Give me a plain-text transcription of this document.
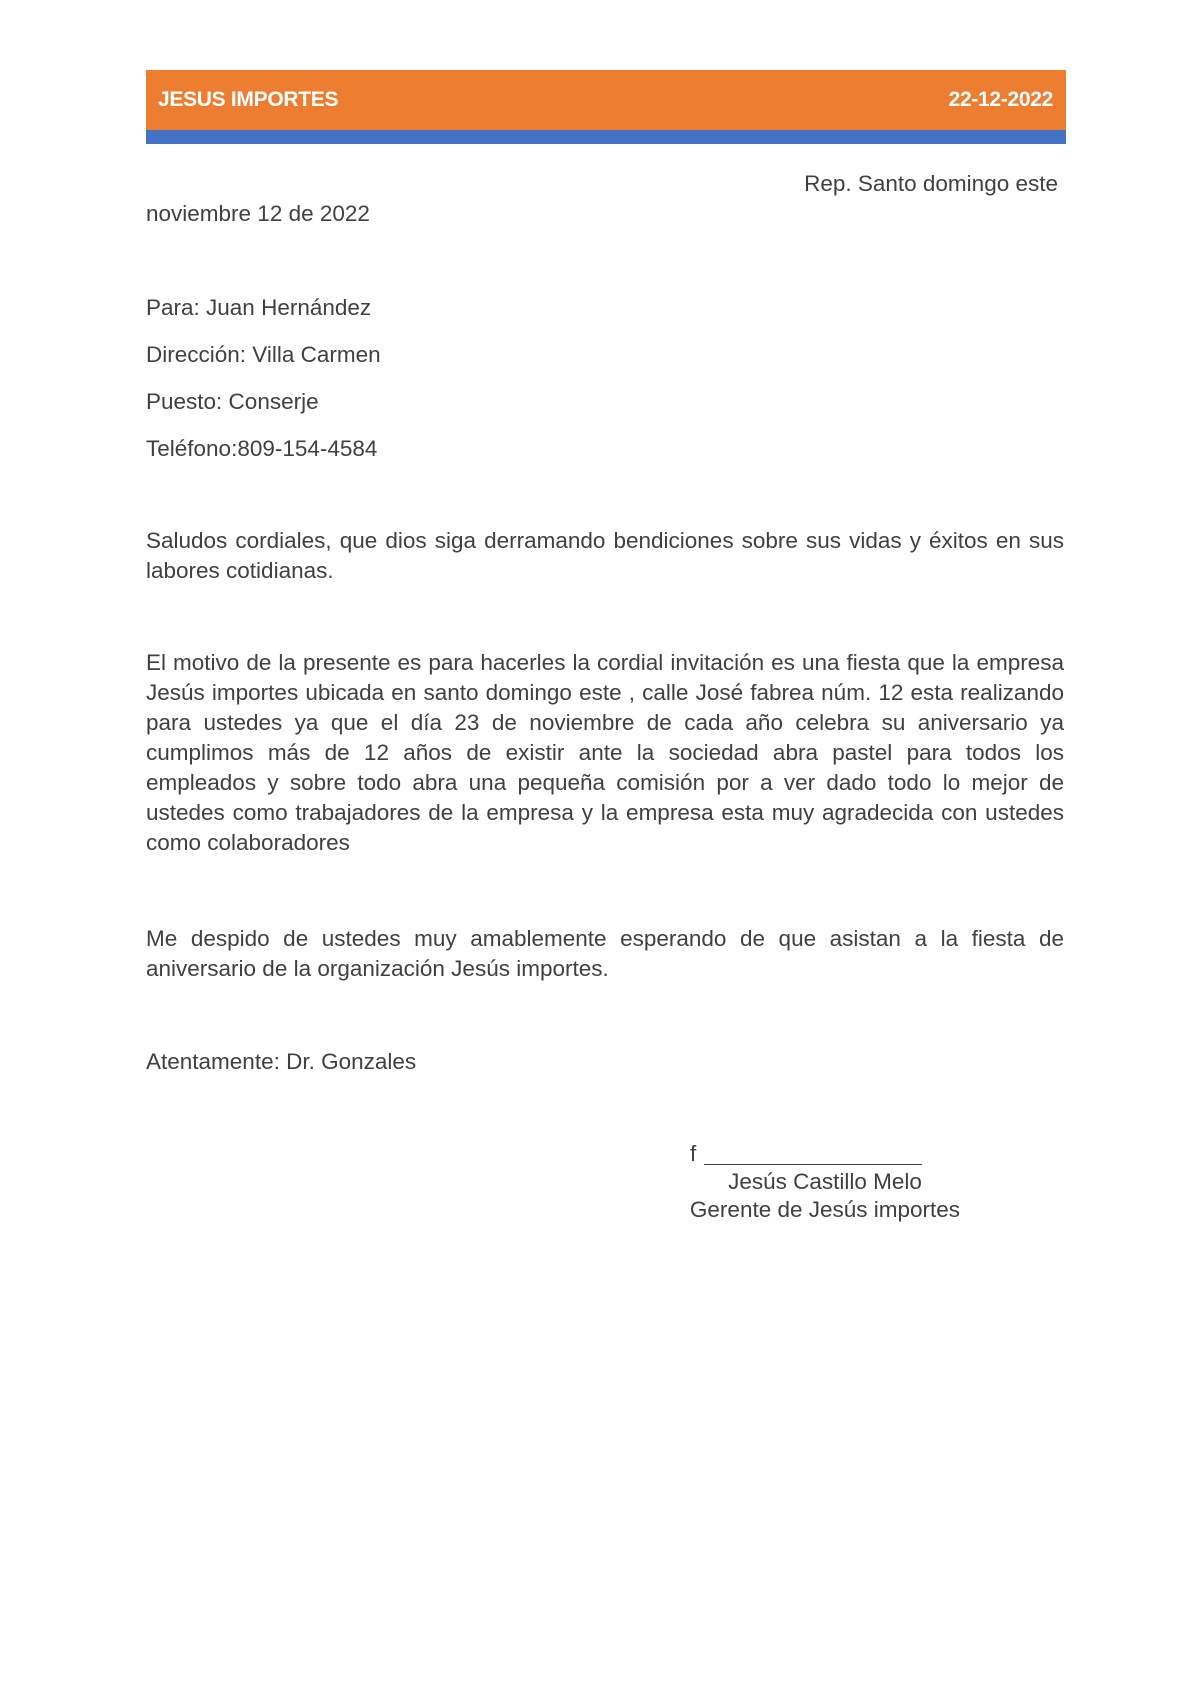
JESUS IMPORTES	22-12-2022

Rep. Santo domingo este

noviembre 12 de 2022

Para: Juan Hernández

Dirección: Villa Carmen

Puesto: Conserje

Teléfono:809-154-4584

Saludos cordiales, que dios siga derramando bendiciones sobre sus vidas y éxitos en sus labores cotidianas.

El motivo de la presente es para hacerles la cordial invitación es una fiesta que la empresa Jesús importes ubicada en santo domingo este , calle José fabrea núm. 12 esta realizando para ustedes ya que el día 23 de noviembre de cada año celebra su aniversario ya cumplimos más de 12 años de existir ante la sociedad abra pastel para todos los empleados y sobre todo abra una pequeña comisión por a ver dado todo lo mejor de ustedes como trabajadores de la empresa y la empresa esta muy agradecida con ustedes como colaboradores

Me despido de ustedes muy amablemente esperando de que asistan a la fiesta de aniversario de la organización Jesús importes.

Atentamente: Dr. Gonzales

f
Jesús Castillo Melo
Gerente de Jesús importes
